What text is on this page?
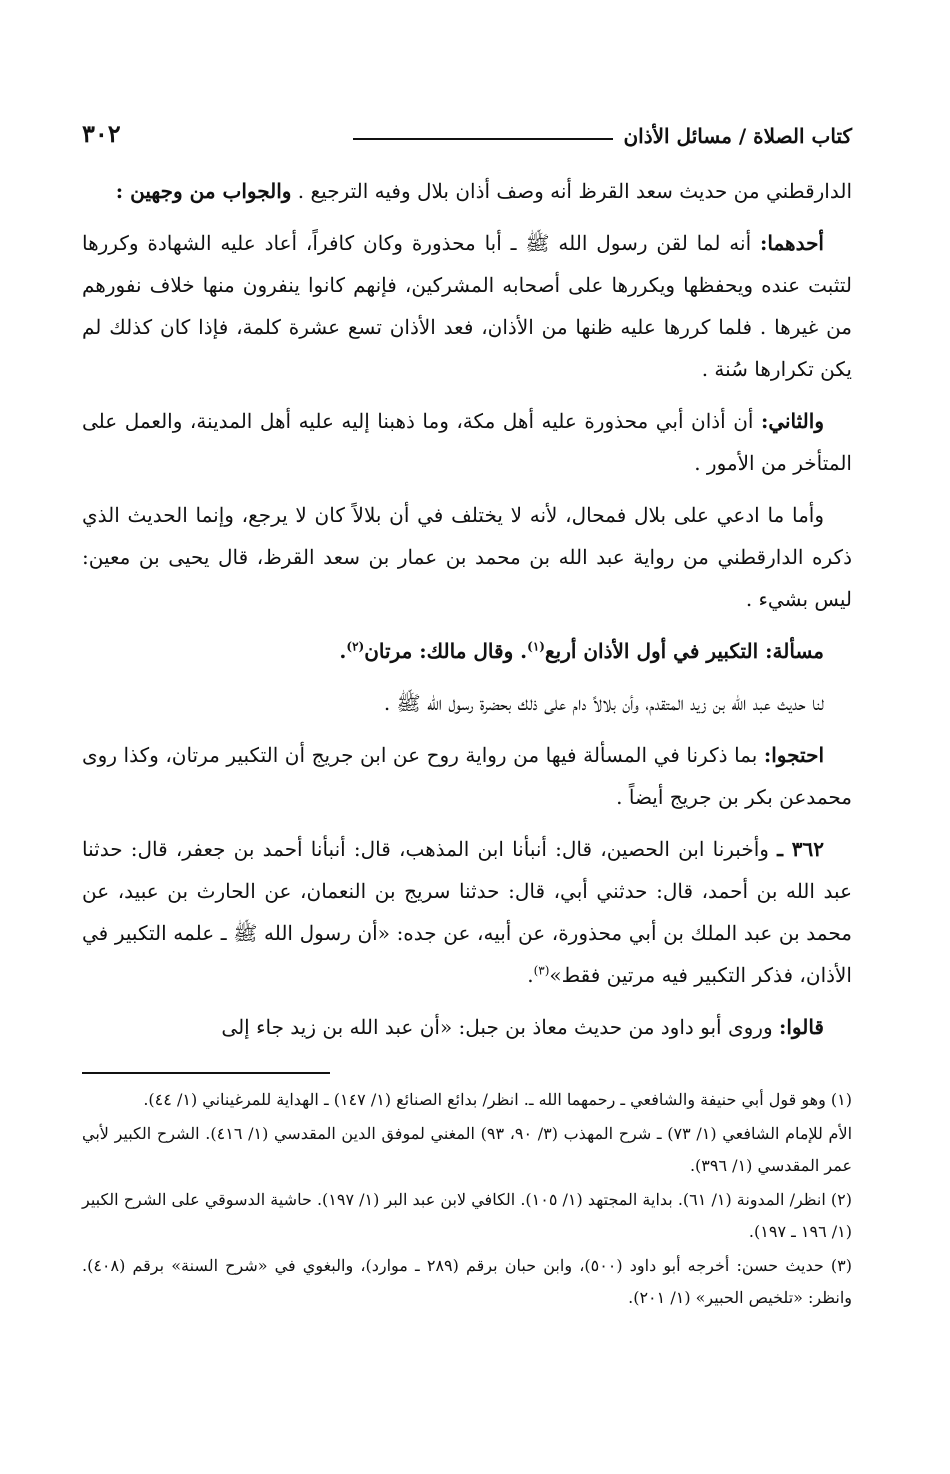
٣٠٢	كتاب الصلاة / مسائل الأذان

الدارقطني من حديث سعد القرظ أنه وصف أذان بلال وفيه الترجيع . والجواب من وجهين :

أحدهما: أنه لما لقن رسول الله ﷺ ـ أبا محذورة وكان كافراً، أعاد عليه الشهادة وكررها لتثبت عنده ويحفظها ويكررها على أصحابه المشركين، فإنهم كانوا ينفرون منها خلاف نفورهم من غيرها . فلما كررها عليه ظنها من الأذان، فعد الأذان تسع عشرة كلمة، فإذا كان كذلك لم يكن تكرارها سُنة .

والثاني: أن أذان أبي محذورة عليه أهل مكة، وما ذهبنا إليه عليه أهل المدينة، والعمل على المتأخر من الأمور .

وأما ما ادعي على بلال فمحال، لأنه لا يختلف في أن بلالاً كان لا يرجع، وإنما الحديث الذي ذكره الدارقطني من رواية عبد الله بن محمد بن عمار بن سعد القرظ، قال يحيى بن معين: ليس بشيء .

مسألة: التكبير في أول الأذان أربع$^{(١)}$. وقال مالك: مرتان$^{(٢)}$.

لنا حديث عبد الله بن زيد المتقدم، وأن بلالاً دام على ذلك بحضرة رسول الله ﷺ .

احتجوا: بما ذكرنا في المسألة فيها من رواية روح عن ابن جريج أن التكبير مرتان، وكذا روى محمدعن بكر بن جريج أيضاً .

٣٦٢ ـ وأخبرنا ابن الحصين، قال: أنبأنا ابن المذهب، قال: أنبأنا أحمد بن جعفر، قال: حدثنا عبد الله بن أحمد، قال: حدثني أبي، قال: حدثنا سريج بن النعمان، عن الحارث بن عبيد، عن محمد بن عبد الملك بن أبي محذورة، عن أبيه، عن جده: «أن رسول الله ﷺ ـ علمه التكبير في الأذان، فذكر التكبير فيه مرتين فقط»$^{(٣)}$.

قالوا: وروى أبو داود من حديث معاذ بن جبل: «أن عبد الله بن زيد جاء إلى

(١) وهو قول أبي حنيفة والشافعي ـ رحمهما الله ـ. انظر/ بدائع الصنائع (١/ ١٤٧) ـ الهداية للمرغيناني (١/ ٤٤).

الأم للإمام الشافعي (١/ ٧٣) ـ شرح المهذب (٣/ ٩٠، ٩٣) المغني لموفق الدين المقدسي (١/ ٤١٦). الشرح الكبير لأبي عمر المقدسي (١/ ٣٩٦).

(٢) انظر/ المدونة (١/ ٦١). بداية المجتهد (١/ ١٠٥). الكافي لابن عبد البر (١/ ١٩٧). حاشية الدسوقي على الشرح الكبير (١/ ١٩٦ ـ ١٩٧).

(٣) حديث حسن: أخرجه أبو داود (٥٠٠)، وابن حبان برقم (٢٨٩ ـ موارد)، والبغوي في «شرح السنة» برقم (٤٠٨). وانظر: «تلخيص الحبير» (١/ ٢٠١).
